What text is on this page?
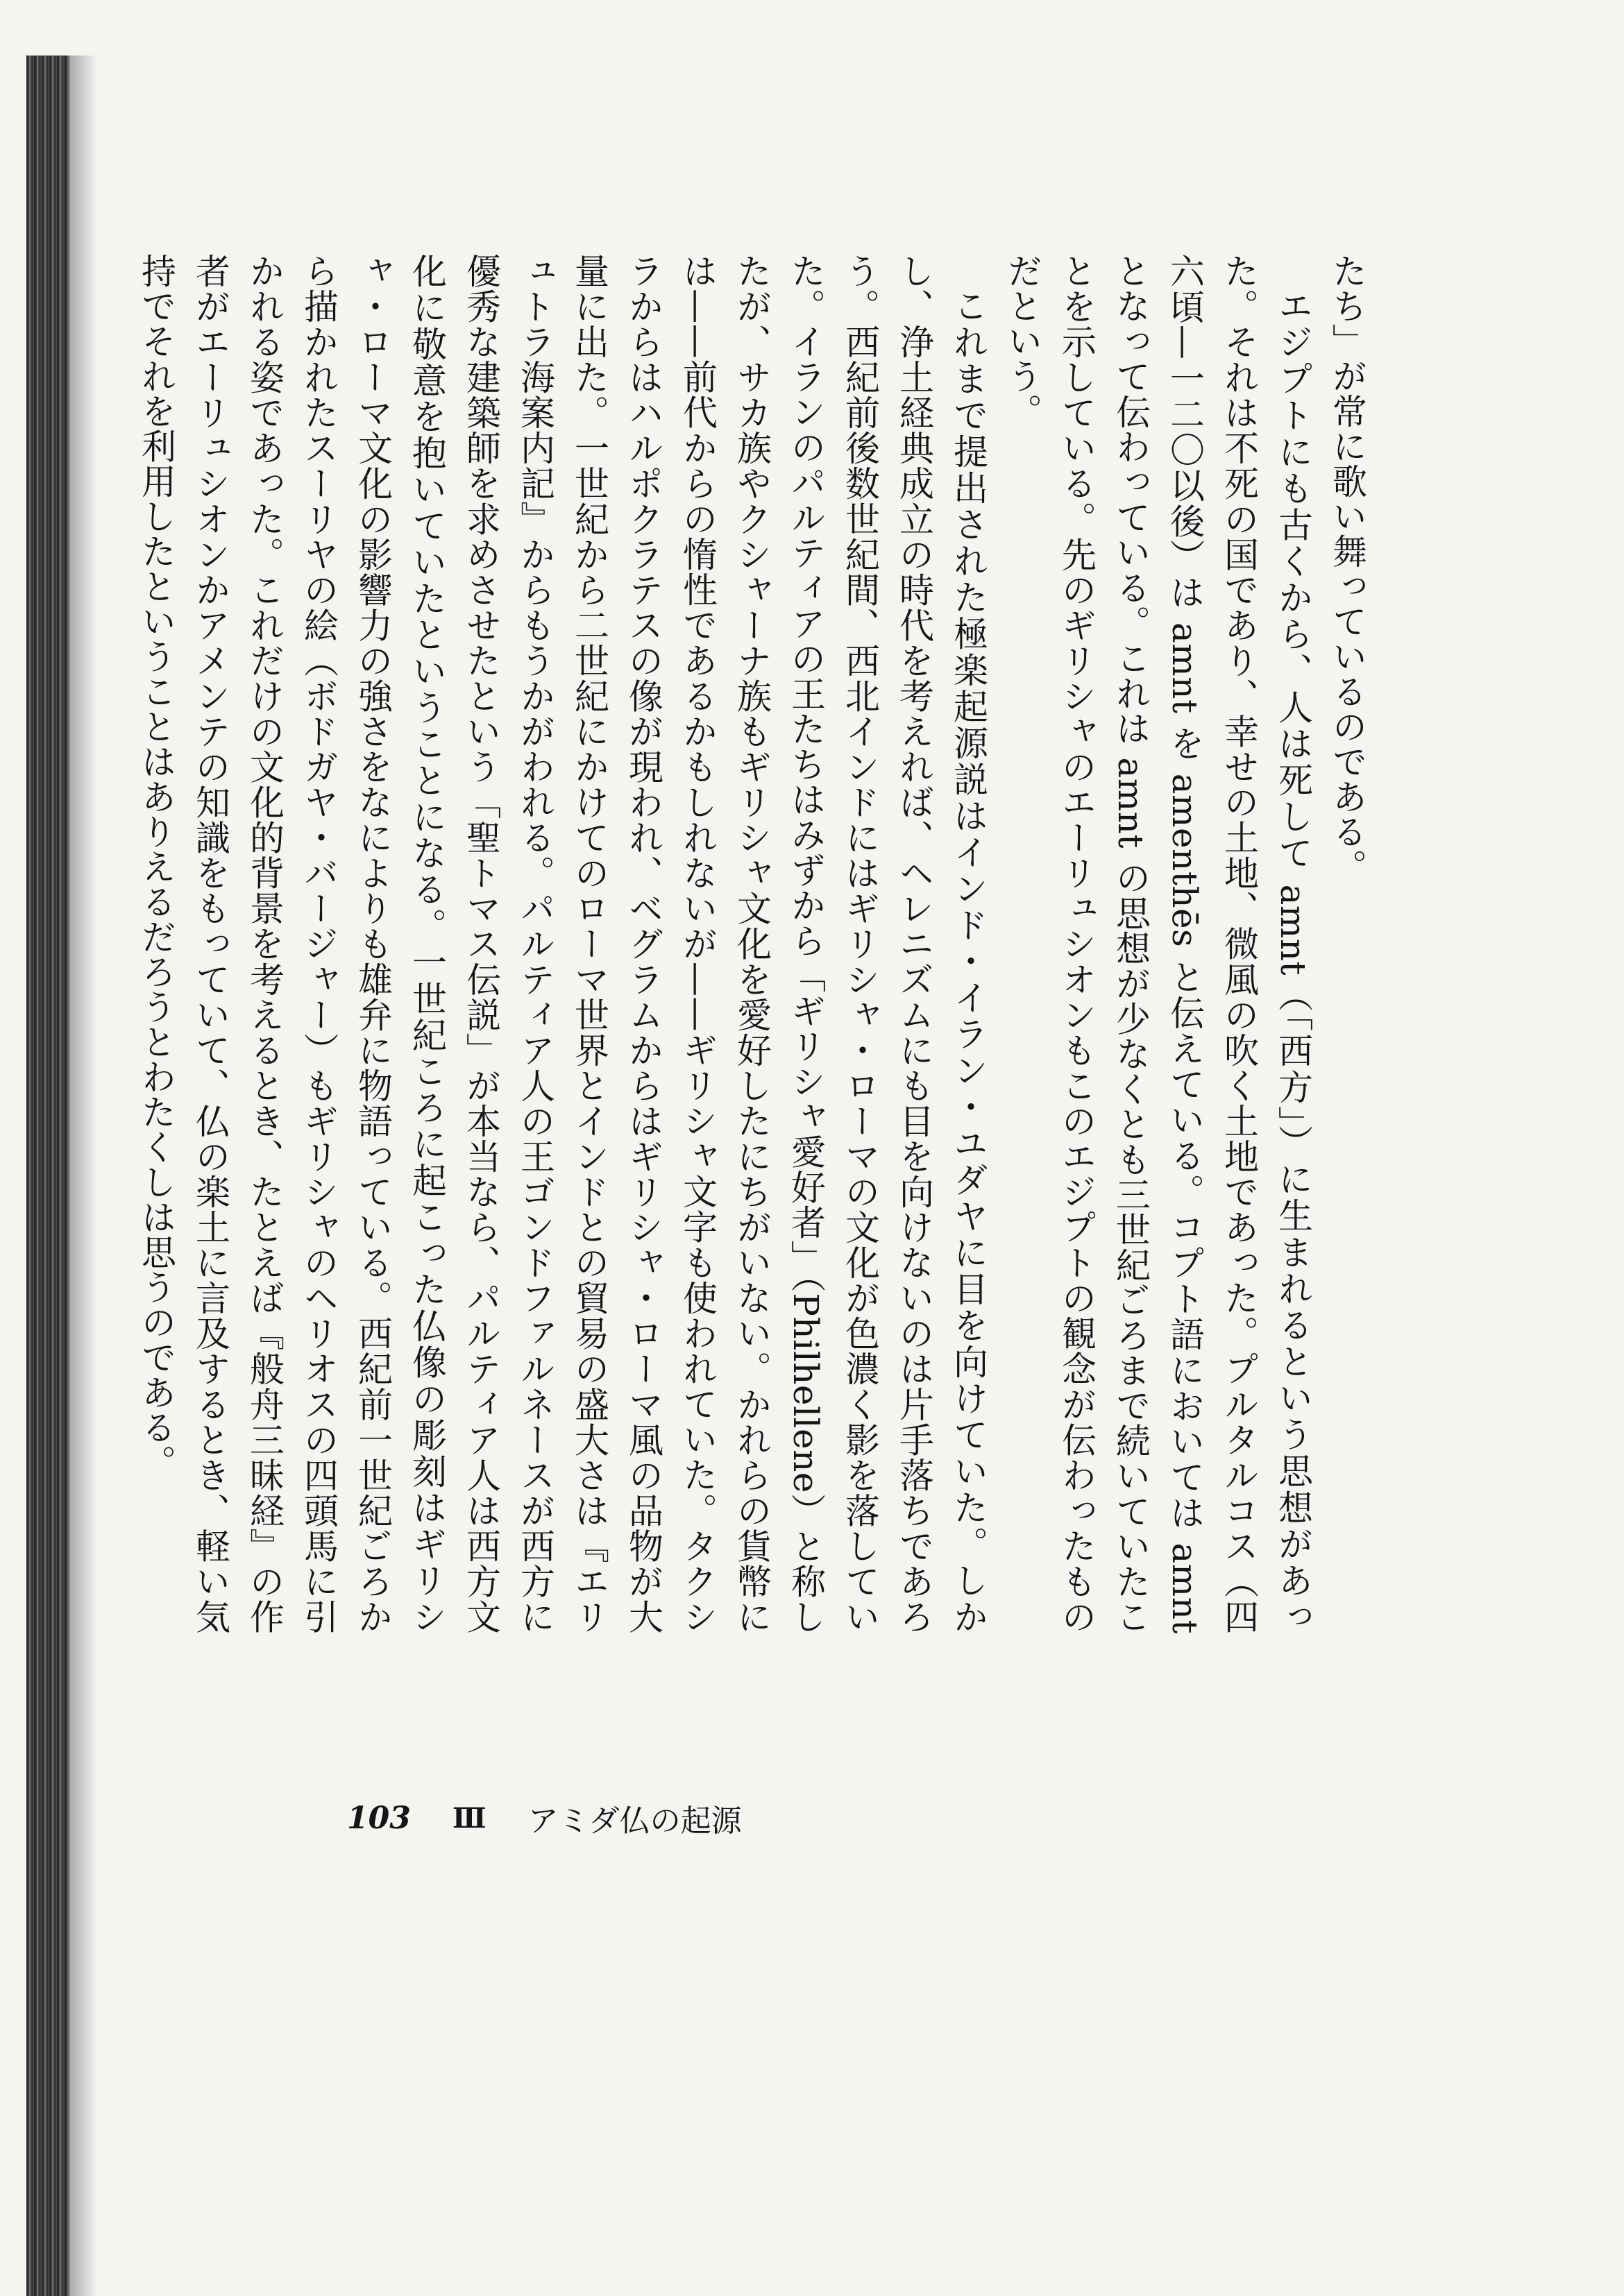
たち」が常に歌い舞っているのである。

エジプトにも古くから、人は死して amnt（「西方」）に生まれるという思想があった。それは不死の国であり、幸せの土地、微風の吹く土地であった。プルタルコス（四六頃—一二〇以後）は amnt を amenthēs と伝えている。コプト語においては amnt となって伝わっている。これは amnt の思想が少なくとも三世紀ごろまで続いていたことを示している。先のギリシャのエーリュシオンもこのエジプトの観念が伝わったものだという。

これまで提出された極楽起源説はインド・イラン・ユダヤに目を向けていた。しかし、浄土経典成立の時代を考えれば、ヘレニズムにも目を向けないのは片手落ちであろう。西紀前後数世紀間、西北インドにはギリシャ・ローマの文化が色濃く影を落していた。イランのパルティアの王たちはみずから「ギリシャ愛好者」（Philhellene）と称したが、サカ族やクシャーナ族もギリシャ文化を愛好したにちがいない。かれらの貨幣には——前代からの惰性であるかもしれないが——ギリシャ文字も使われていた。タクシラからはハルポクラテスの像が現われ、ベグラムからはギリシャ・ローマ風の品物が大量に出た。一世紀から二世紀にかけてのローマ世界とインドとの貿易の盛大さは『エリュトラ海案内記』からもうかがわれる。パルティア人の王ゴンドファルネースが西方に優秀な建築師を求めさせたという「聖トマス伝説」が本当なら、パルティア人は西方文化に敬意を抱いていたということになる。一世紀ころに起こった仏像の彫刻はギリシャ・ローマ文化の影響力の強さをなによりも雄弁に物語っている。西紀前一世紀ごろから描かれたスーリヤの絵（ボドガヤ・バージャー）もギリシャのヘリオスの四頭馬に引かれる姿であった。これだけの文化的背景を考えるとき、たとえば『般舟三昧経』の作者がエーリュシオンかアメンテの知識をもっていて、仏の楽土に言及するとき、軽い気持でそれを利用したということはありえるだろうとわたくしは思うのである。

103 Ⅲ アミダ仏の起源
